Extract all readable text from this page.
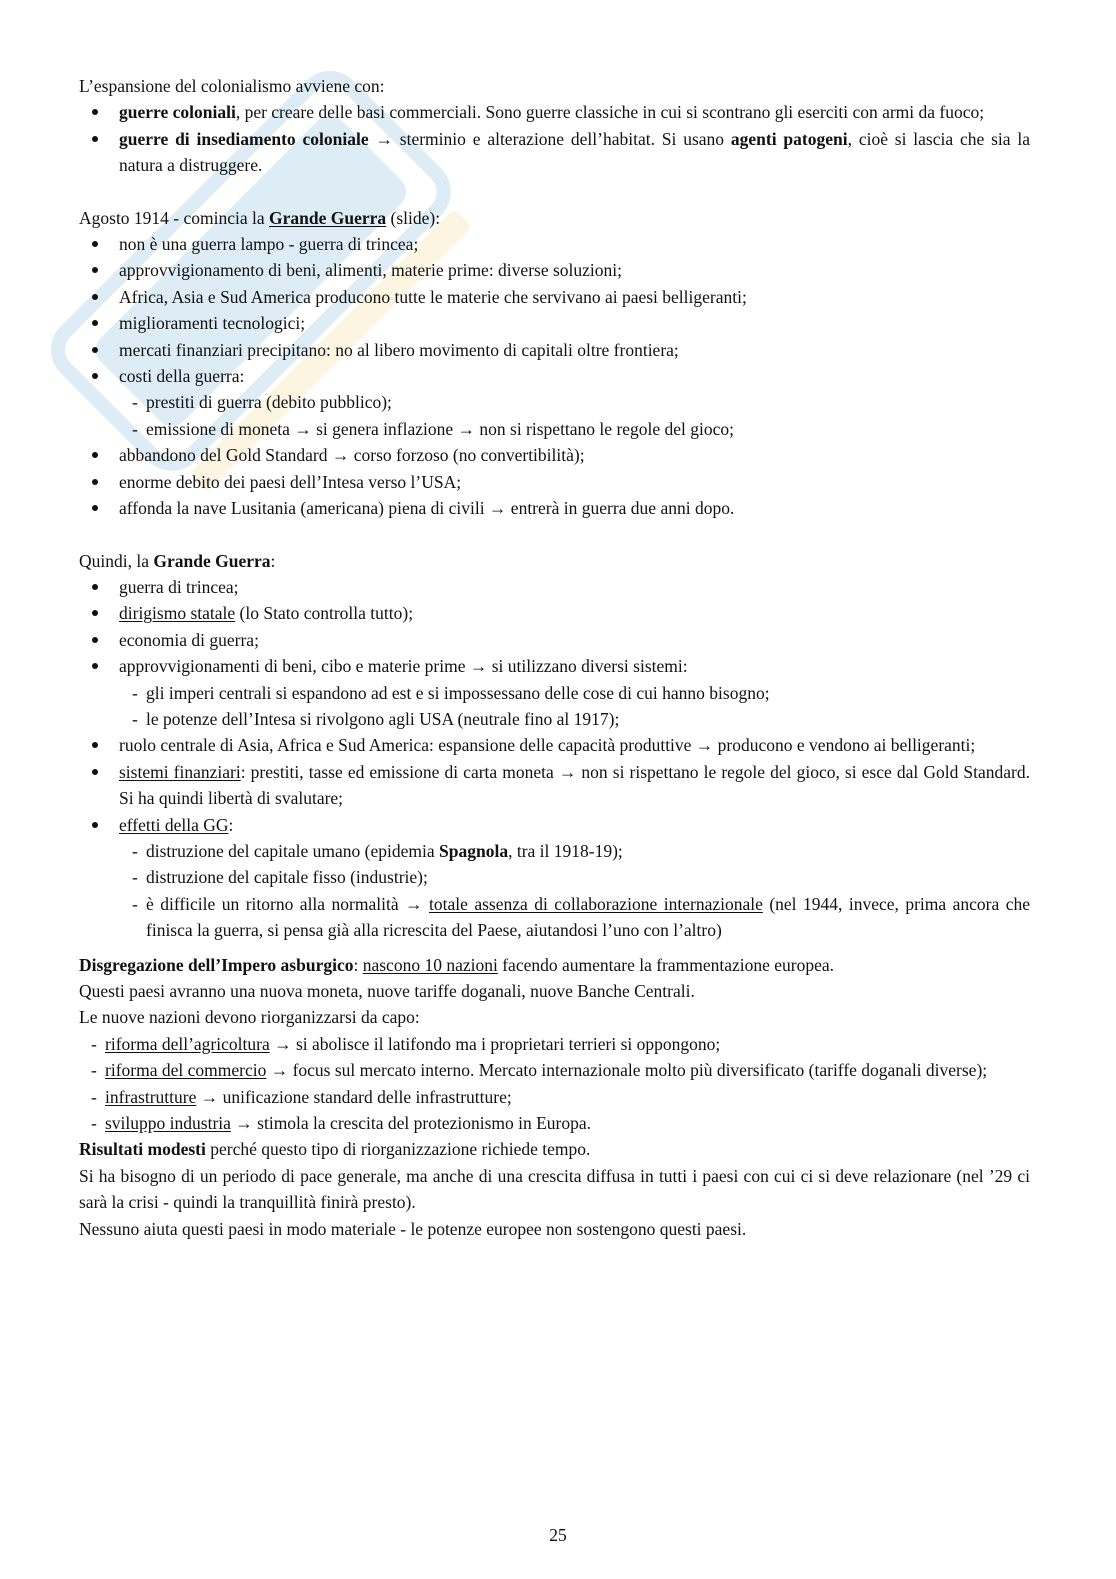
L’espansione del colonialismo avviene con:

guerre coloniali, per creare delle basi commerciali. Sono guerre classiche in cui si scontrano gli eserciti con armi da fuoco;
guerre di insediamento coloniale → sterminio e alterazione dell’habitat. Si usano agenti patogeni, cioè si lascia che sia la natura a distruggere.

Agosto 1914 - comincia la Grande Guerra (slide):

non è una guerra lampo - guerra di trincea;
approvvigionamento di beni, alimenti, materie prime: diverse soluzioni;
Africa, Asia e Sud America producono tutte le materie che servivano ai paesi belligeranti;
miglioramenti tecnologici;
mercati finanziari precipitano: no al libero movimento di capitali oltre frontiera;
costi della guerra:
- prestiti di guerra (debito pubblico);
- emissione di moneta → si genera inflazione → non si rispettano le regole del gioco;
abbandono del Gold Standard → corso forzoso (no convertibilità);
enorme debito dei paesi dell’Intesa verso l’USA;
affonda la nave Lusitania (americana) piena di civili → entrerà in guerra due anni dopo.

Quindi, la Grande Guerra:

guerra di trincea;
dirigismo statale (lo Stato controlla tutto);
economia di guerra;
approvvigionamenti di beni, cibo e materie prime → si utilizzano diversi sistemi:
- gli imperi centrali si espandono ad est e si impossessano delle cose di cui hanno bisogno;
- le potenze dell’Intesa si rivolgono agli USA (neutrale fino al 1917);
ruolo centrale di Asia, Africa e Sud America: espansione delle capacità produttive → producono e vendono ai belligeranti;
sistemi finanziari: prestiti, tasse ed emissione di carta moneta → non si rispettano le regole del gioco, si esce dal Gold Standard. Si ha quindi libertà di svalutare;
effetti della GG:
- distruzione del capitale umano (epidemia Spagnola, tra il 1918-19);
- distruzione del capitale fisso (industrie);
- è difficile un ritorno alla normalità → totale assenza di collaborazione internazionale (nel 1944, invece, prima ancora che finisca la guerra, si pensa già alla ricrescita del Paese, aiutandosi l’uno con l’altro)

Disgregazione dell’Impero asburgico: nascono 10 nazioni facendo aumentare la frammentazione europea.

Questi paesi avranno una nuova moneta, nuove tariffe doganali, nuove Banche Centrali.

Le nuove nazioni devono riorganizzarsi da capo:

- riforma dell’agricoltura → si abolisce il latifondo ma i proprietari terrieri si oppongono;
- riforma del commercio → focus sul mercato interno. Mercato internazionale molto più diversificato (tariffe doganali diverse);
- infrastrutture → unificazione standard delle infrastrutture;
- sviluppo industria → stimola la crescita del protezionismo in Europa.

Risultati modesti perché questo tipo di riorganizzazione richiede tempo.

Si ha bisogno di un periodo di pace generale, ma anche di una crescita diffusa in tutti i paesi con cui ci si deve relazionare (nel ’29 ci sarà la crisi - quindi la tranquillità finirà presto).

Nessuno aiuta questi paesi in modo materiale - le potenze europee non sostengono questi paesi.

25
